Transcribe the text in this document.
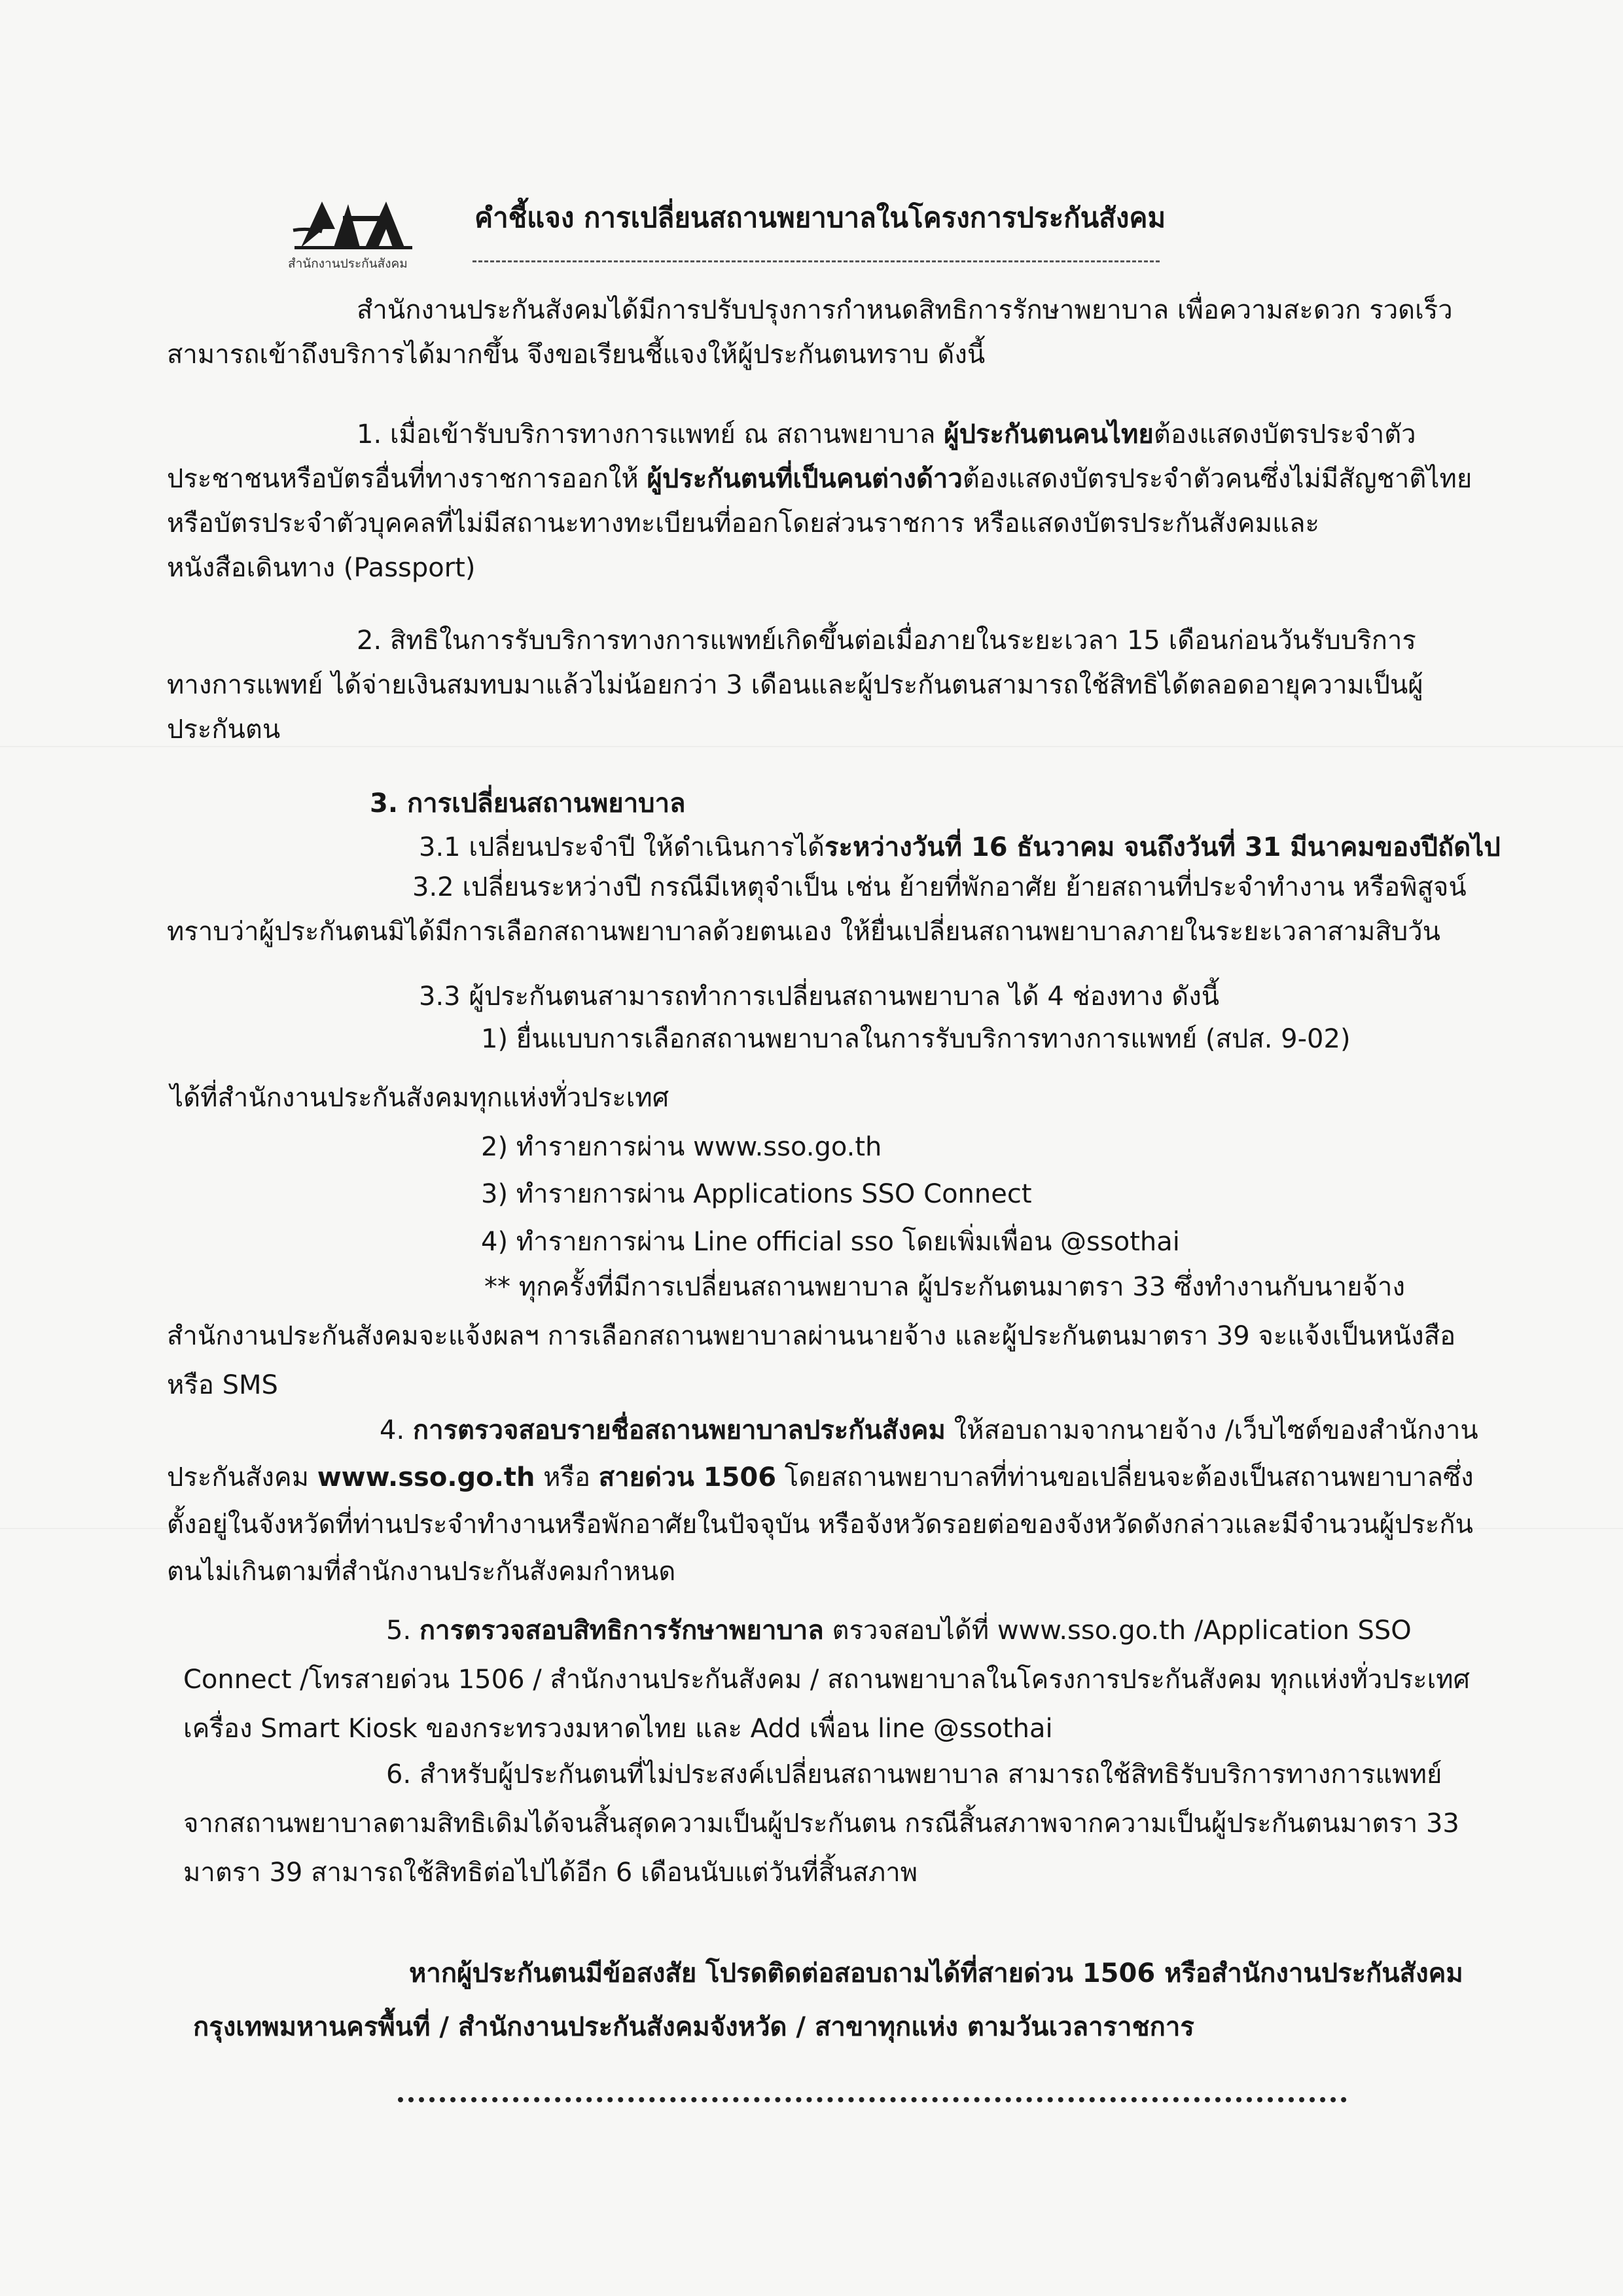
สำนักงานประกันสังคม
คำชี้แจง การเปลี่ยนสถานพยาบาลในโครงการประกันสังคม

สำนักงานประกันสังคมได้มีการปรับปรุงการกำหนดสิทธิการรักษาพยาบาล เพื่อความสะดวก รวดเร็ว สามารถเข้าถึงบริการได้มากขึ้น จึงขอเรียนชี้แจงให้ผู้ประกันตนทราบ ดังนี้

1. เมื่อเข้ารับบริการทางการแพทย์ ณ สถานพยาบาล ผู้ประกันตนคนไทยต้องแสดงบัตรประจำตัวประชาชนหรือบัตรอื่นที่ทางราชการออกให้ ผู้ประกันตนที่เป็นคนต่างด้าวต้องแสดงบัตรประจำตัวคนซึ่งไม่มีสัญชาติไทย หรือบัตรประจำตัวบุคคลที่ไม่มีสถานะทางทะเบียนที่ออกโดยส่วนราชการ หรือแสดงบัตรประกันสังคมและหนังสือเดินทาง (Passport)

2. สิทธิในการรับบริการทางการแพทย์เกิดขึ้นต่อเมื่อภายในระยะเวลา 15 เดือนก่อนวันรับบริการทางการแพทย์ ได้จ่ายเงินสมทบมาแล้วไม่น้อยกว่า 3 เดือนและผู้ประกันตนสามารถใช้สิทธิได้ตลอดอายุความเป็นผู้ประกันตน

3. การเปลี่ยนสถานพยาบาล
3.1 เปลี่ยนประจำปี ให้ดำเนินการได้ระหว่างวันที่ 16 ธันวาคม จนถึงวันที่ 31 มีนาคมของปีถัดไป

3.2 เปลี่ยนระหว่างปี กรณีมีเหตุจำเป็น เช่น ย้ายที่พักอาศัย ย้ายสถานที่ประจำทำงาน หรือพิสูจน์ทราบว่าผู้ประกันตนมิได้มีการเลือกสถานพยาบาลด้วยตนเอง ให้ยื่นเปลี่ยนสถานพยาบาลภายในระยะเวลาสามสิบวัน

3.3 ผู้ประกันตนสามารถทำการเปลี่ยนสถานพยาบาล ได้ 4 ช่องทาง ดังนี้
1) ยื่นแบบการเลือกสถานพยาบาลในการรับบริการทางการแพทย์ (สปส. 9-02)
ได้ที่สำนักงานประกันสังคมทุกแห่งทั่วประเทศ
2) ทำรายการผ่าน www.sso.go.th
3) ทำรายการผ่าน Applications SSO Connect
4) ทำรายการผ่าน Line official sso โดยเพิ่มเพื่อน @ssothai

** ทุกครั้งที่มีการเปลี่ยนสถานพยาบาล ผู้ประกันตนมาตรา 33 ซึ่งทำงานกับนายจ้าง สำนักงานประกันสังคมจะแจ้งผลฯ การเลือกสถานพยาบาลผ่านนายจ้าง และผู้ประกันตนมาตรา 39 จะแจ้งเป็นหนังสือหรือ SMS

4. การตรวจสอบรายชื่อสถานพยาบาลประกันสังคม ให้สอบถามจากนายจ้าง /เว็บไซต์ของสำนักงานประกันสังคม www.sso.go.th หรือ สายด่วน 1506 โดยสถานพยาบาลที่ท่านขอเปลี่ยนจะต้องเป็นสถานพยาบาลซึ่งตั้งอยู่ในจังหวัดที่ท่านประจำทำงานหรือพักอาศัยในปัจจุบัน หรือจังหวัดรอยต่อของจังหวัดดังกล่าวและมีจำนวนผู้ประกันตนไม่เกินตามที่สำนักงานประกันสังคมกำหนด

5. การตรวจสอบสิทธิการรักษาพยาบาล ตรวจสอบได้ที่ www.sso.go.th /Application SSO Connect /โทรสายด่วน 1506 / สำนักงานประกันสังคม / สถานพยาบาลในโครงการประกันสังคม ทุกแห่งทั่วประเทศ เครื่อง Smart Kiosk ของกระทรวงมหาดไทย และ Add เพื่อน line @ssothai

6. สำหรับผู้ประกันตนที่ไม่ประสงค์เปลี่ยนสถานพยาบาล สามารถใช้สิทธิรับบริการทางการแพทย์จากสถานพยาบาลตามสิทธิเดิมได้จนสิ้นสุดความเป็นผู้ประกันตน กรณีสิ้นสภาพจากความเป็นผู้ประกันตนมาตรา 33 มาตรา 39 สามารถใช้สิทธิต่อไปได้อีก 6 เดือนนับแต่วันที่สิ้นสภาพ

หากผู้ประกันตนมีข้อสงสัย โปรดติดต่อสอบถามได้ที่สายด่วน 1506 หรือสำนักงานประกันสังคมกรุงเทพมหานครพื้นที่ / สำนักงานประกันสังคมจังหวัด / สาขาทุกแห่ง ตามวันเวลาราชการ
